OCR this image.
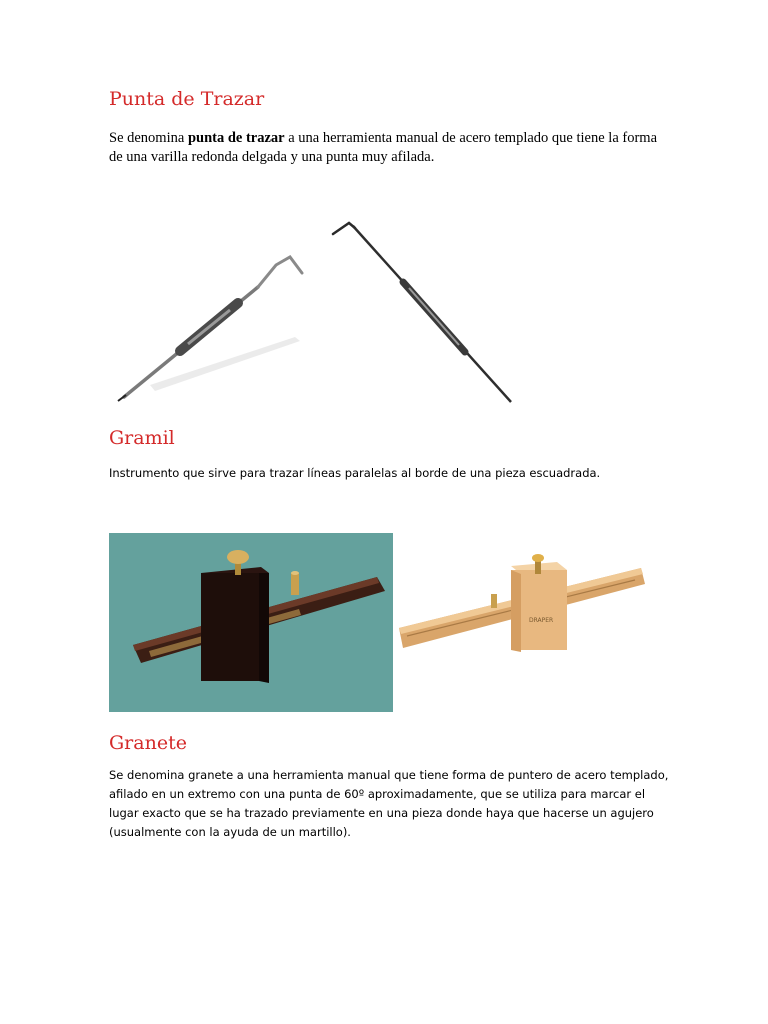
Punta de Trazar

Se denomina punta de trazar a una herramienta manual de acero templado que tiene la forma de una varilla redonda delgada y una punta muy afilada.

Gramil

Instrumento que sirve para trazar líneas paralelas al borde de una pieza escuadrada.

DRAPER
Granete

Se denomina granete a una herramienta manual que tiene forma de puntero de acero templado, afilado en un extremo con una punta de 60º aproximadamente, que se utiliza para marcar el lugar exacto que se ha trazado previamente en una pieza donde haya que hacerse un agujero (usualmente con la ayuda de un martillo).
